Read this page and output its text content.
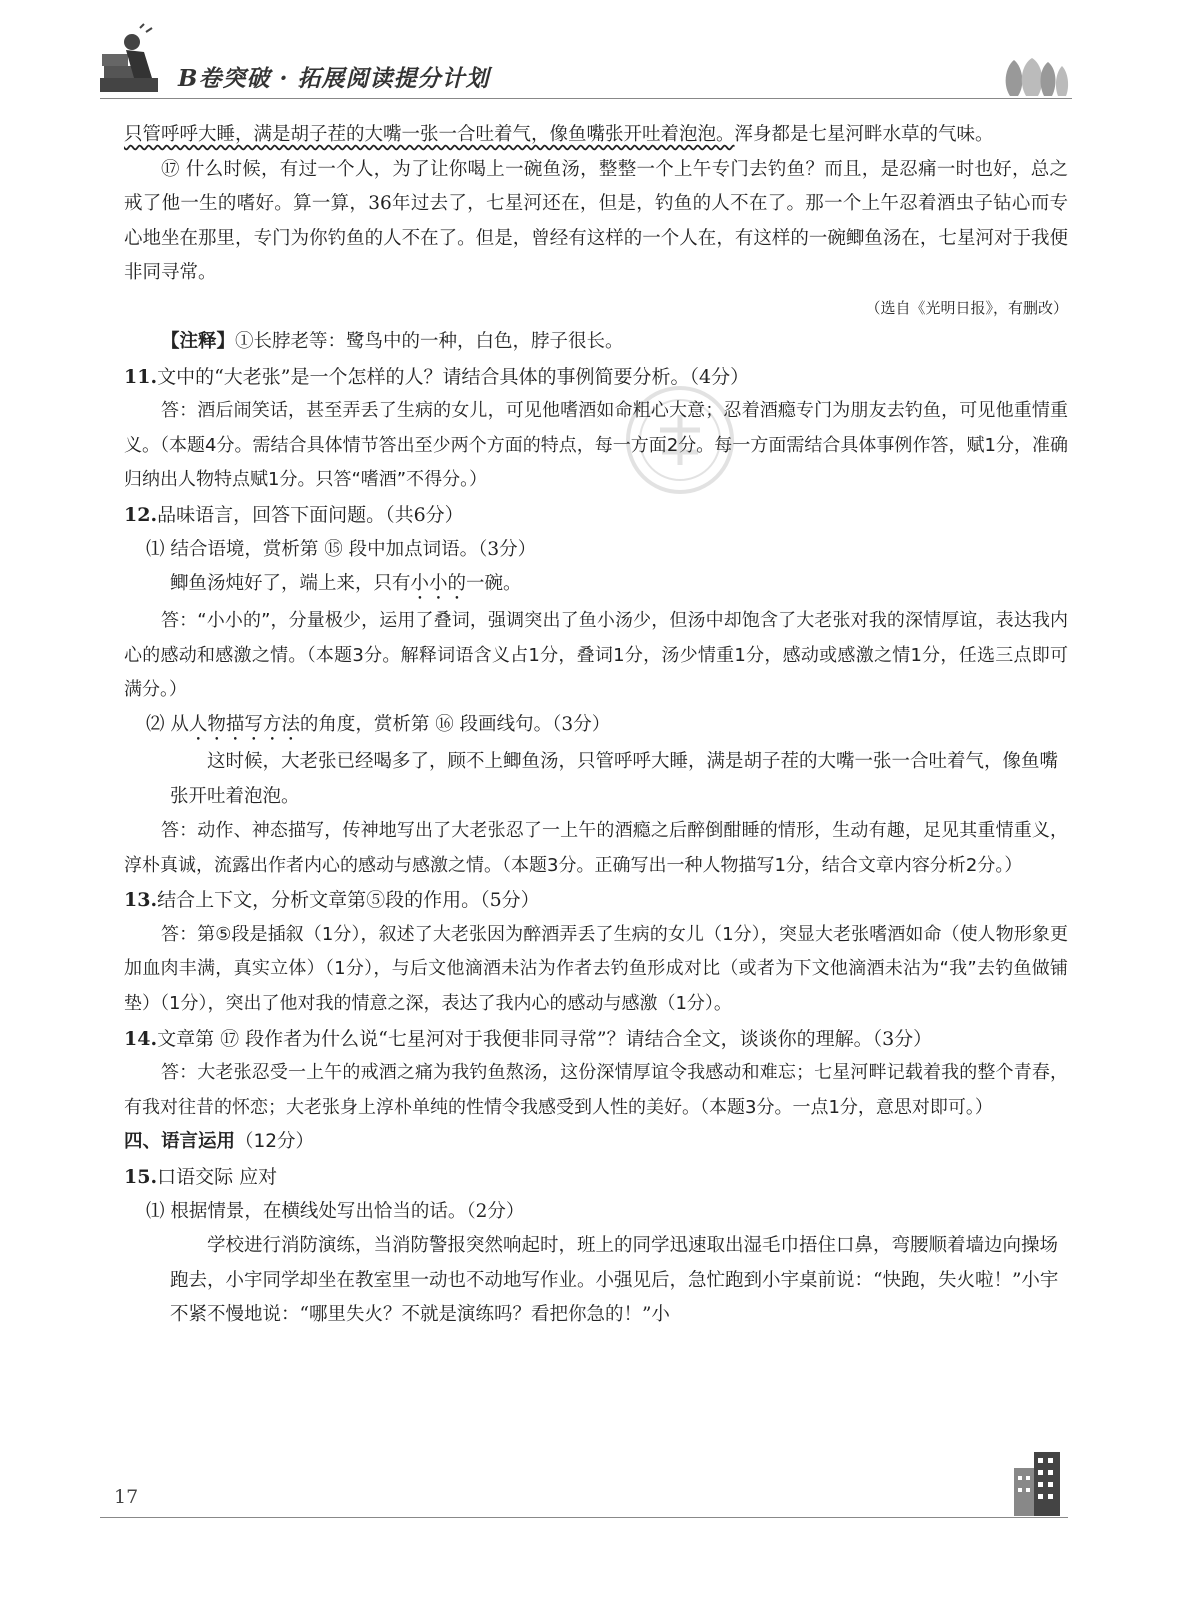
B卷突破 · 拓展阅读提分计划

只管呼呼大睡，满是胡子茬的大嘴一张一合吐着气，像鱼嘴张开吐着泡泡。浑身都是七星河畔水草的气味。

⑰ 什么时候，有过一个人，为了让你喝上一碗鱼汤，整整一个上午专门去钓鱼？而且，是忍痛一时也好，总之戒了他一生的嗜好。算一算，36年过去了，七星河还在，但是，钓鱼的人不在了。那一个上午忍着酒虫子钻心而专心地坐在那里，专门为你钓鱼的人不在了。但是，曾经有这样的一个人在，有这样的一碗鲫鱼汤在，七星河对于我便非同寻常。

（选自《光明日报》，有删改）

【注释】①长脖老等：鹭鸟中的一种，白色，脖子很长。

11.文中的“大老张”是一个怎样的人？请结合具体的事例简要分析。（4分）

答：酒后闹笑话，甚至弄丢了生病的女儿，可见他嗜酒如命粗心大意；忍着酒瘾专门为朋友去钓鱼，可见他重情重义。（本题4分。需结合具体情节答出至少两个方面的特点，每一方面2分。每一方面需结合具体事例作答，赋1分，准确归纳出人物特点赋1分。只答“嗜酒”不得分。）

12.品味语言，回答下面问题。（共6分）

⑴ 结合语境，赏析第 ⑮ 段中加点词语。（3分）

鲫鱼汤炖好了，端上来，只有小小的一碗。

答：“小小的”，分量极少，运用了叠词，强调突出了鱼小汤少，但汤中却饱含了大老张对我的深情厚谊，表达我内心的感动和感激之情。（本题3分。解释词语含义占1分，叠词1分，汤少情重1分，感动或感激之情1分，任选三点即可满分。）

⑵ 从人物描写方法的角度，赏析第 ⑯ 段画线句。（3分）

这时候，大老张已经喝多了，顾不上鲫鱼汤，只管呼呼大睡，满是胡子茬的大嘴一张一合吐着气，像鱼嘴张开吐着泡泡。

答：动作、神态描写，传神地写出了大老张忍了一上午的酒瘾之后醉倒酣睡的情形，生动有趣，足见其重情重义，淳朴真诚，流露出作者内心的感动与感激之情。（本题3分。正确写出一种人物描写1分，结合文章内容分析2分。）

13.结合上下文，分析文章第⑤段的作用。（5分）

答：第⑤段是插叙（1分），叙述了大老张因为醉酒弄丢了生病的女儿（1分），突显大老张嗜酒如命（使人物形象更加血肉丰满，真实立体）（1分），与后文他滴酒未沾为作者去钓鱼形成对比（或者为下文他滴酒未沾为“我”去钓鱼做铺垫）（1分），突出了他对我的情意之深，表达了我内心的感动与感激（1分）。

14.文章第 ⑰ 段作者为什么说“七星河对于我便非同寻常”？请结合全文，谈谈你的理解。（3分）

答：大老张忍受一上午的戒酒之痛为我钓鱼熬汤，这份深情厚谊令我感动和难忘；七星河畔记载着我的整个青春，有我对往昔的怀恋；大老张身上淳朴单纯的性情令我感受到人性的美好。（本题3分。一点1分，意思对即可。）

四、语言运用（12分）

15.口语交际 应对

⑴ 根据情景，在横线处写出恰当的话。（2分）

学校进行消防演练，当消防警报突然响起时，班上的同学迅速取出湿毛巾捂住口鼻，弯腰顺着墙边向操场跑去，小宇同学却坐在教室里一动也不动地写作业。小强见后，急忙跑到小宇桌前说：“快跑，失火啦！”小宇不紧不慢地说：“哪里失火？不就是演练吗？看把你急的！”小

17
